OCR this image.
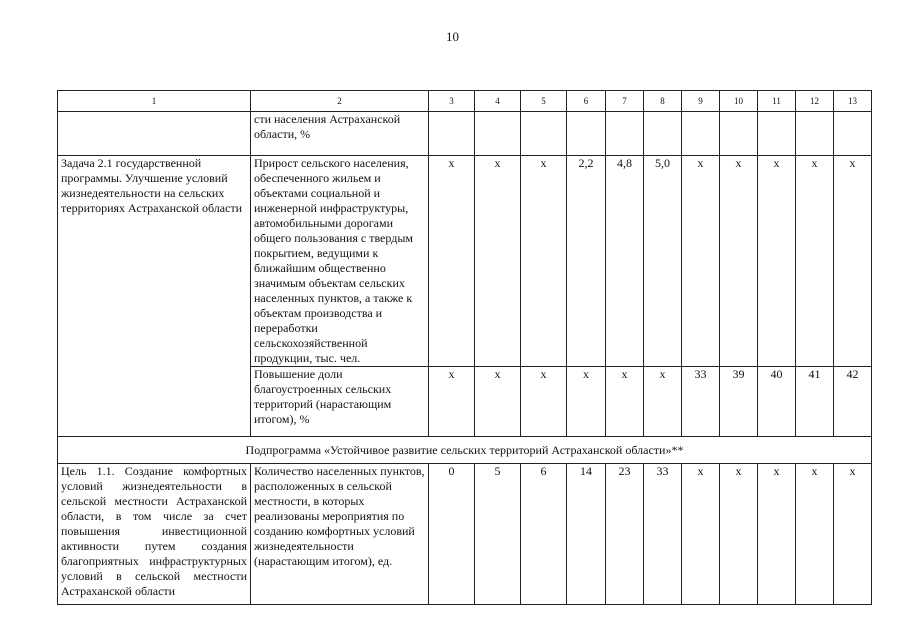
10
1	2	3	4	5	6	7	8	9	10	11	12	13
	сти населения Астраханской области, %											
Задача 2.1 государственной программы. Улучшение условий жизнедеятельности на сельских территориях Астраханской области	Прирост сельского населения, обеспеченного жильем и объектами социальной и инженерной инфраструктуры, автомобильными дорогами общего пользования с твердым покрытием, ведущими к ближайшим общественно значимым объектам сельских населенных пунктов, а также к объектам производства и переработки сельскохозяйственной продукции, тыс. чел.	x	x	x	2,2	4,8	5,0	x	x	x	x	x
	Повышение доли благоустроенных сельских территорий (нарастающим итогом), %	x	x	x	x	x	x	33	39	40	41	42
Подпрограмма «Устойчивое развитие сельских территорий Астраханской области»**												
Цель 1.1. Создание комфортных условий жизнедеятельности в сельской местности Астраханской области, в том числе за счет повышения инвестиционной активности путем создания благоприятных инфраструктурных условий в сельской местности Астраханской области	Количество населенных пунктов, расположенных в сельской местности, в которых реализованы мероприятия по созданию комфортных условий жизнедеятельности (нарастающим итогом), ед.	0	5	6	14	23	33	x	x	x	x	x
